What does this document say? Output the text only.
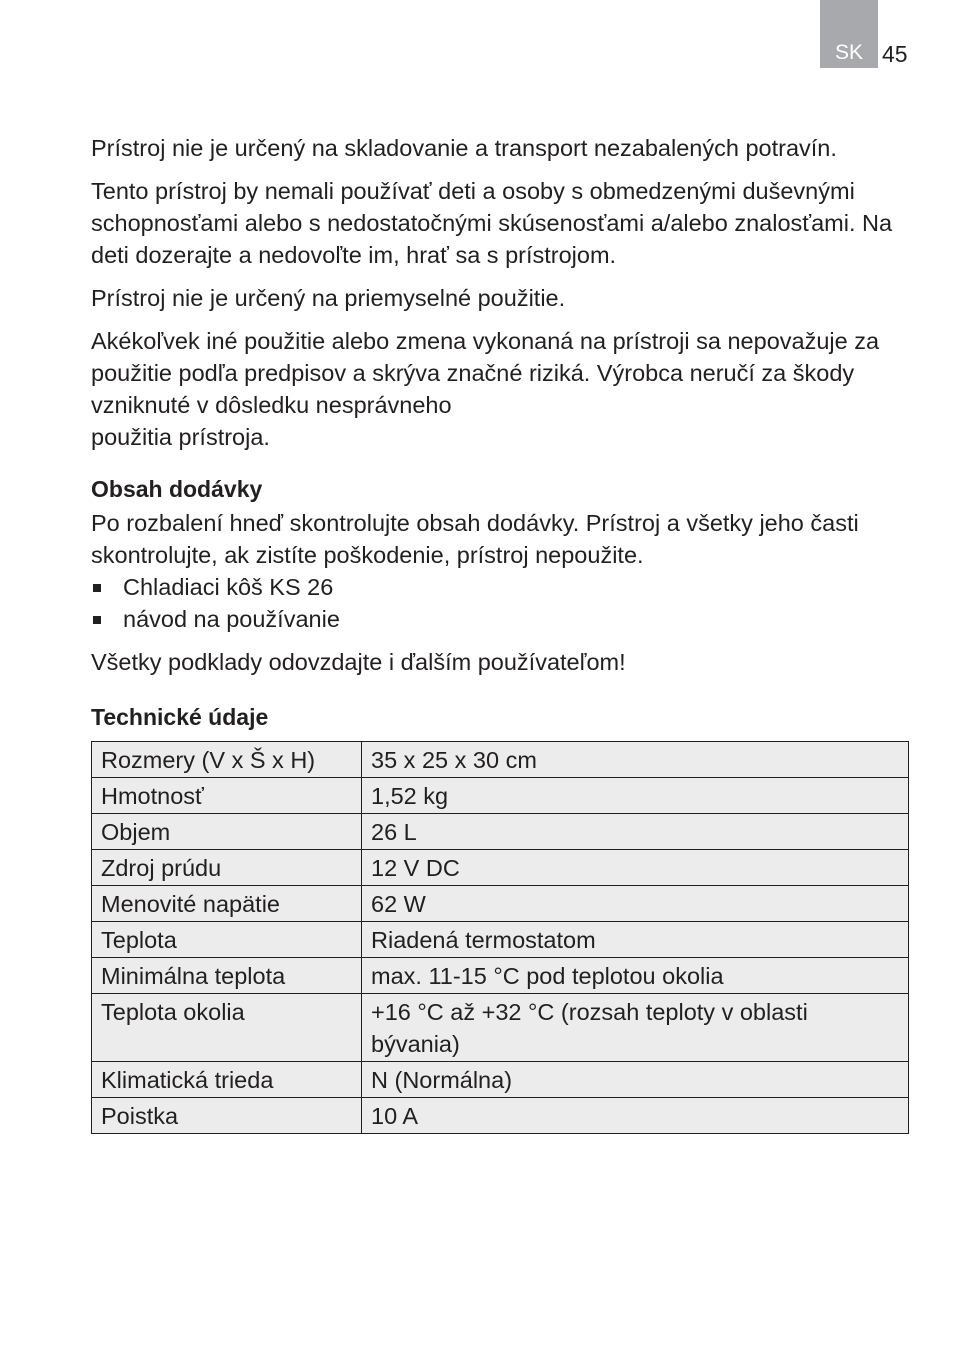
SK 45

Prístroj nie je určený na skladovanie a transport nezabalených potravín.

Tento prístroj by nemali používať deti a osoby s obmedzenými duševnými schopnosťami alebo s nedostatočnými skúsenosťami a/alebo znalosťami. Na deti dozerajte a nedovoľte im, hrať sa s prístrojom.

Prístroj nie je určený na priemyselné použitie.

Akékoľvek iné použitie alebo zmena vykonaná na prístroji sa nepovažuje za použitie podľa predpisov a skrýva značné riziká. Výrobca neručí za škody vzniknuté v dôsledku nesprávneho

použitia prístroja.

Obsah dodávky

Po rozbalení hneď skontrolujte obsah dodávky. Prístroj a všetky jeho časti skontrolujte, ak zistíte poškodenie, prístroj nepoužite.

Chladiaci kôš KS 26
návod na používanie

Všetky podklady odovzdajte i ďalším používateľom!

Technické údaje
Rozmery (V x Š x H)	35 x 25 x 30 cm
Hmotnosť	1,52 kg
Objem	26 L
Zdroj prúdu	12 V DC
Menovité napätie	62 W
Teplota	Riadená termostatom
Minimálna teplota	max. 11-15 °C pod teplotou okolia
Teplota okolia	+16 °C až +32 °C (rozsah teploty v oblasti bývania)
Klimatická trieda	N (Normálna)
Poistka	10 A
